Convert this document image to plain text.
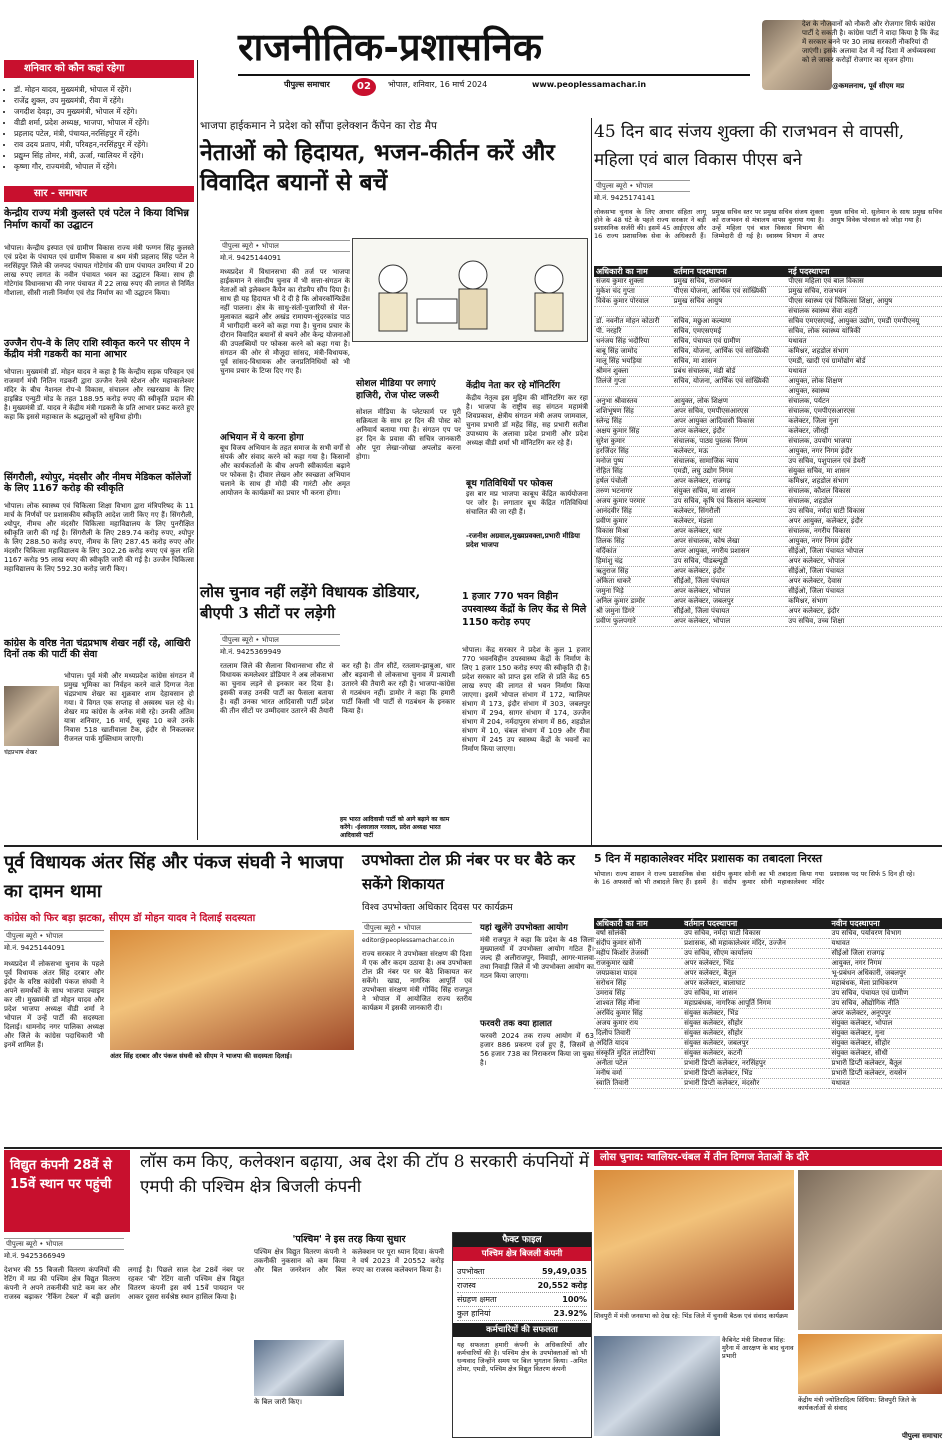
राजनीतिक-प्रशासनिक
पीपुल्स समाचार	02	भोपाल, शनिवार, 16 मार्च 2024	www.peoplessamachar.in
देश के नौजवानों को नौकरी और रोजगार सिर्फ कांग्रेस पार्टी दे सकती है। कांग्रेस पार्टी ने वादा किया है कि केंद्र में सरकार बनने पर 30 लाख सरकारी नौकरियां दी जाएंगी। इसके अलावा देश में नई दिशा में अर्थव्यवस्था को ले जाकर करोड़ों रोजगार का सृजन होगा।
@कमलनाथ, पूर्व सीएम मप्र
शनिवार को कौन कहां रहेगा
• डॉ. मोहन यादव, मुख्यमंत्री, भोपाल में रहेंगे।
• राजेंद्र शुक्ल, उप मुख्यमंत्री, रीवा में रहेंगे।
• जगदीश देवड़ा, उप मुख्यमंत्री, भोपाल में रहेंगे।
• वीडी शर्मा, प्रदेश अध्यक्ष, भाजपा, भोपाल में रहेंगे।
• प्रहलाद पटेल, मंत्री, पंचायत,नरसिंहपुर में रहेंगे।
• राव उदय प्रताप, मंत्री, परिवहन,नरसिंहपुर में रहेंगे।
• प्रद्युम्न सिंह तोमर, मंत्री, ऊर्जा, ग्वालियर में रहेंगे।
• कृष्णा गौर, राज्यमंत्री, भोपाल में रहेंगे।
सार - समाचार
केन्द्रीय राज्य मंत्री कुलस्ते एवं पटेल ने किया विभिन्न निर्माण कार्यों का उद्घाटन
भोपाल। केन्द्रीय इस्पात एवं ग्रामीण विकास राज्य मंत्री फग्गन सिंह कुलस्ते एवं प्रदेश के पंचायत एवं ग्रामीण विकास व श्रम मंत्री प्रहलाद सिंह पटेल ने नरसिंहपुर जिले की जनपद पंचायत गोटेगांव की ग्राम पंचायत उमरिया में 20 लाख रुपए लागत के नवीन पंचायत भवन का उद्घाटन किया। साथ ही गोटेगांव विधानसभा की नगर पंचायत में 22 लाख रुपए की लागत से निर्मित गौशाला, सीसी नाली निर्माण एवं रोड निर्माण का भी उद्घाटन किया।
उज्जैन रोप-वे के लिए राशि स्वीकृत करने पर सीएम ने केंद्रीय मंत्री गडकरी का माना आभार
भोपाल। मुख्यमंत्री डॉ. मोहन यादव ने कहा है कि केन्द्रीय सड़क परिवहन एवं राजमार्ग मंत्री नितिन गडकरी द्वारा उज्जैन रेलवे स्टेशन और महाकालेश्वर मंदिर के बीच नैशनल रोप-वे विकास, संचालन और रखरखाव के लिए हाइब्रिड एन्युटी मोड के तहत 188.95 करोड़ रुपए की स्वीकृति प्रदान की है। मुख्यमंत्री डॉ. यादव ने केंद्रीय मंत्री गडकरी के प्रति आभार प्रकट करते हुए कहा कि इससे महाकाल के श्रद्धालुओं को सुविधा होगी।
सिंगरौली, श्योपुर, मंदसौर और नीमच मेडिकल कॉलेजों के लिए 1167 करोड़ की स्वीकृति
भोपाल। लोक स्वास्थ्य एवं चिकित्सा शिक्षा विभाग द्वारा मंत्रिपरिषद के 11 मार्च के निर्णयों पर प्रशासकीय स्वीकृति आदेश जारी किए गए हैं। सिंगरौली, श्योपुर, नीमच और मंदसौर चिकित्सा महाविद्यालय के लिए पुनरीक्षित स्वीकृति जारी की गई है। सिंगरौली के लिए 289.74 करोड़ रुपए, श्योपुर के लिए 288.50 करोड़ रुपए, नीमच के लिए 287.45 करोड़ रुपए और मंदसौर चिकित्सा महाविद्यालय के लिए 302.26 करोड़ रुपए एवं कुल राशि 1167 करोड़ 95 लाख रुपए की स्वीकृति जारी की गई है। उज्जैन चिकित्सा महाविद्यालय के लिए 592.30 करोड़ जारी किए।
कांग्रेस के वरिष्ठ नेता चंद्रप्रभाष शेखर नहीं रहे, आखिरी दिनों तक की पार्टी की सेवा
चंद्रप्रभाष शेखर
भोपाल। पूर्व मंत्री और मध्यप्रदेश कांग्रेस संगठन में प्रमुख भूमिका का निर्वहन करने वाले दिग्गज नेता चंद्रप्रभाष शेखर का शुक्रवार शाम देहावसान हो गया। वे विगत एक सप्ताह से अस्वस्थ चल रहे थे। शेखर मप्र कांग्रेस के अनेक मंत्री रहे। उनकी अंतिम यात्रा शनिवार, 16 मार्च, सुबह 10 बजे उनके निवास 518 खातीवाला टैंक, इंदौर से निकलकर रीजनल पार्क मुक्तिधाम जाएगी।
भाजपा हाईकमान ने प्रदेश को सौंपा इलेक्शन कैंपेन का रोड मैप
नेताओं को हिदायत, भजन-कीर्तन करें और विवादित बयानों से बचें
पीपुल्स ब्यूरो • भोपाल
मो.नं. 9425144091
मध्यप्रदेश में विधानसभा की तर्ज पर भाजपा हाईकमान ने संसदीय चुनाव में भी सत्ता-संगठन के नेताओं को इलेक्शन कैंपेन का रोडमैप सौंप दिया है। साथ ही यह हिदायत भी दे दी है कि ओवरकॉन्फिडेंस नहीं पालना। क्षेत्र के साधु-संतों-पुजारियों से मेल-मुलाकात बढ़ाने और अखंड रामायण-सुंदरकांड पाठ में भागीदारी करने को कहा गया है। चुनाव प्रचार के दौरान विवादित बयानों से बचने और केन्द्र योजनाओं की उपलब्धियों पर फोकस करने को कहा गया है। संगठन की ओर से मौजूदा सांसद, मंत्री-विधायक, पूर्व सांसद-विधायक और जनप्रतिनिधियों को भी चुनाव प्रचार के टिप्स दिए गए हैं।
अभियान में ये करना होगा
बूथ विजय अभियान के तहत समाज के सभी वर्गों से संपर्क और संवाद करने को कहा गया है। किसानों और कार्यकर्ताओं के बीच अपनी स्वीकार्यता बढ़ाने पर फोकस है। दीवार लेखन और स्वच्छता अभियान चलाने के साथ ही मोदी की गारंटी और अमृत आयोजन के कार्यक्रमों का प्रचार भी करना होगा।
सोशल मीडिया पर लगाएं हाजिरी, रोज पोस्ट जरूरी
सोशल मीडिया के प्लेटफार्म पर पूरी सक्रियता के साथ हर दिन की पोस्ट को अनिवार्य बताया गया है। संगठन एप पर हर दिन के प्रवास की सचित्र जानकारी और पूरा लेखा-जोखा अपलोड करना होगा।
केंद्रीय नेता कर रहे मॉनिटरिंग
केंद्रीय नेतृत्व इस मुहिम की मॉनिटरिंग कर रहा है। भाजपा के राष्ट्रीय सह संगठन महामंत्री शिवप्रकाश, क्षेत्रीय संगठन मंत्री अजय जामवाल, चुनाव प्रभारी डॉ महेंद्र सिंह, सह प्रभारी सतीश उपाध्याय के अलावा प्रदेश प्रभारी और प्रदेश अध्यक्ष वीडी शर्मा भी मॉनिटरिंग कर रहे हैं।
बूथ गतिविधियों पर फोकस
इस बार मप्र भाजपा काबूथ केंद्रित कार्ययोजना पर जोर है। लगातार बूथ केंद्रित गतिविधियां संचालित की जा रही हैं।
-रजनीश अग्रवाल,मुख्यप्रवक्ता,प्रभारी मीडिया प्रदेश भाजपा
लोस चुनाव नहीं लड़ेंगे विधायक डोडियार, बीएपी 3 सीटों पर लड़ेगी
पीपुल्स ब्यूरो • भोपाल
मो.नं. 9425369949
रतलाम जिले की सैलाना विधानसभा सीट से विधायक कमलेश्वर डोडियार ने अब लोकसभा का चुनाव लड़ने से इनकार कर दिया है। इसकी वजह उनकी पार्टी का फैसला बताया है। वहीं उनका भारत आदिवासी पार्टी प्रदेश की तीन सीटों पर उम्मीदवार उतारने की तैयारी कर रही है। तीन सीटें, रतलाम-झाबुआ, धार और बड़वानी से लोकसभा चुनाव में प्रत्याशी उतारने की तैयारी कर रही है। भाजपा-कांग्रेस से गठबंधन नहीं। डामोर ने कहा कि हमारी पार्टी किसी भी पार्टी से गठबंधन के इनकार किया है।
हम भारत आदिवासी पार्टी को आगे बढ़ाने का काम करेंगे। -ईश्वरलाल गरवाल, प्रदेश अध्यक्ष भारत आदिवासी पार्टी
1 हजार 770 भवन विहीन उपस्वास्थ्य केंद्रों के लिए केंद्र से मिले 1150 करोड़ रुपए
भोपाल। केंद्र सरकार ने प्रदेश के कुल 1 हजार 770 भवनविहीन उपस्वास्थ्य केंद्रों के निर्माण के लिए 1 हजार 150 करोड़ रुपए की स्वीकृति दी है। प्रदेश सरकार को प्राप्त इस राशि से प्रति केंद्र 65 लाख रुपए की लागत से भवन निर्माण किया जाएगा। इसमें भोपाल संभाग में 172, ग्वालियर संभाग में 173, इंदौर संभाग में 303, जबलपुर संभाग में 294, सागर संभाग में 174, उज्जैन संभाग में 204, नर्मदापुरम संभाग में 86, शहडोल संभाग में 10, चंबल संभाग में 109 और रीवा संभाग में 245 उप स्वास्थ्य केंद्रों के भवनों का निर्माण किया जाएगा।
45 दिन बाद संजय शुक्ला की राजभवन से वापसी, महिला एवं बाल विकास पीएस बने
पीपुल्स ब्यूरो • भोपाल
मो.नं. 9425174141
लोकसभा चुनाव के लिए आचार संहिता लागू होने के 48 घंटे के पहले राज्य सरकार ने बड़ी प्रशासनिक सर्जरी की। इसमें 45 आईएएस और 16 राज्य प्रशासनिक सेवा के अधिकारी हैं। प्रमुख सचिव स्तर पर प्रमुख सचिव संजय शुक्ला को राजभवन से मंत्रालय वापस बुलाया गया है। उन्हें महिला एवं बाल विकास विभाग की जिम्मेदारी दी गई है। स्वास्थ्य विभाग में अपर मुख्य सचिव मो. सुलेमान के साथ प्रमुख सचिव आयुष विवेक पोरवाल को जोड़ा गया है।
अधिकारी का नाम	वर्तमान पदस्थापना	नई पदस्थापना
संजय कुमार शुक्ला	प्रमुख सचिव, राजभवन	पीएस महिला एवं बाल विकास
मुकेश चंद गुप्ता	पीएस योजना, आर्थिक एवं सांख्यिकी	प्रमुख सचिव, राजभवन
विवेक कुमार पोरवाल	प्रमुख सचिव आयुष	पीएस स्वास्थ्य एवं चिकित्सा शिक्षा, आयुष
		संचालक स्वास्थ्य सेवा शहरी
डॉ. नवनीत मोहन कोठारी	सचिव, मछुआ कल्याण	सचिव एमएसएमई, आयुक्त उद्योग, एमडी एमपीएनयू
पी. नरहरि	सचिव, एमएसएमई	सचिव, लोक स्वास्थ्य यांत्रिकी
धनंजय सिंह भदौरिया	सचिव, पंचायत एवं ग्रामीण	यथावत
बाबू सिंह जामोद	सचिव, योजना, आर्थिक एवं सांख्यिकी	कमिश्नर, शहडोल संभाग
मालू सिंह भयड़िया	सचिव, मा शासन	एमडी, खादी एवं ग्रामोद्योग बोर्ड
श्रीमन शुक्ला	प्रबंध संचालक, मंडी बोर्ड	यथावत
तिलंजे गुप्ता	सचिव, योजना, आर्थिक एवं सांख्यिकी	आयुक्त, लोक शिक्षण
		आयुक्त, स्वास्थ्य
अनुभा श्रीवास्तव	आयुक्त, लोक शिक्षण	संचालक, पर्यटन
शशिभूषण सिंह	अपर सचिव, एमपीएसआरएस	संचालक, एमपीएसआरएस
स्लेन्द्र सिंह	अपर आयुक्त आदिवासी विकास	कलेक्टर, जिला गुना
अक्षय कुमार सिंह	अपर कलेक्टर, इंदौर	कलेक्टर, जीरही
सुरेश कुमार	संचालक, पाठ्य पुस्तक निगम	संचालक, उपयोग भाजपा
हरजिंदर सिंह	कलेक्टर, मऊ	आयुक्त, नगर निगम इंदौर
मनोज पुष्प	संचालक, सामाजिक न्याय	उप सचिव, पशुपालन एवं डेयरी
रोहित सिंह	एमडी, लघु उद्योग निगम	संयुक्त सचिव, मा शासन
हर्षल पंचोली	अपर कलेक्टर, राजगढ़	कमिश्नर, शहडोल संभाग
तरुण भटनागर	संयुक्त सचिव, मा शासन	संचालक, कौशल विकास
अजय कुमार परमार	उप सचिव, कृषि एवं किसान कल्याण	संचालक, शहडोल
आनंदवीर सिंह	कलेक्टर, सिंगरौली	उप सचिव, नर्मदा घाटी विकास
प्रवीण कुमार	कलेक्टर, मंडला	अपर आयुक्त, कलेक्टर, इंदौर
विकास मिश्रा	अपर कलेक्टर, धार	संचालक, नगरीय विकास
तिलक सिंह	अपर संचालक, कोष लेखा	आयुक्त, नगर निगम इंदौर
वर्दिकांत	अपर आयुक्त, नगरीय प्रशासन	सीईओ, जिला पंचायत भोपाल
हिमांशु चंद्र	उप सचिव, पीडब्ल्यूडी	अपर कलेक्टर, भोपाल
ऋतुराज सिंह	अपर कलेक्टर, इंदौर	सीईओ, जिला पंचायत
अंकिता धाकरे	सीईओ, जिला पंचायत	अपर कलेक्टर, देवास
जमुना भिड़े	अपर कलेक्टर, भोपाल	सीईओ, जिला पंचायत
अनिल कुमार डामोर	अपर कलेक्टर, जबलपुर	कमिश्नर, संभाग
श्री जमुना डिंगरे	सीईओ, जिला पंचायत	अपर कलेक्टर, इंदौर
प्रवीण फुलपगारे	अपर कलेक्टर, भोपाल	उप सचिव, उच्च शिक्षा
पूर्व विधायक अंतर सिंह और पंकज संघवी ने भाजपा का दामन थामा
कांग्रेस को फिर बड़ा झटका, सीएम डॉ मोहन यादव ने दिलाई सदस्यता
पीपुल्स ब्यूरो • भोपाल
मो.नं. 9425144091
मध्यप्रदेश में लोकसभा चुनाव के पहले पूर्व विधायक अंतर सिंह दरबार और इंदौर के वरिष्ठ कांग्रेसी पंकज संघवी ने अपने समर्थकों के साथ भाजपा ज्वाइन कर ली। मुख्यमंत्री डॉ मोहन यादव और प्रदेश भाजपा अध्यक्ष वीडी शर्मा ने भोपाल में उन्हें पार्टी की सदस्यता दिलाई। धामनोद नगर पालिका अध्यक्ष और जिले के कांग्रेस पदाधिकारी भी इनमें शामिल हैं।
अंतर सिंह दरबार और पंकज संघवी को सीएम ने भाजपा की सदस्यता दिलाई।
उपभोक्ता टोल फ्री नंबर पर घर बैठे कर सकेंगे शिकायत
विश्व उपभोक्ता अधिकार दिवस पर कार्यक्रम
पीपुल्स ब्यूरो • भोपाल
editor@peoplessamachar.co.in
राज्य सरकार ने उपभोक्ता संरक्षण की दिशा में एक और कदम उठाया है। अब उपभोक्ता टोल फ्री नंबर पर घर बैठे शिकायत कर सकेंगे। खाद्य, नागरिक आपूर्ति एवं उपभोक्ता संरक्षण मंत्री गोविंद सिंह राजपूत ने भोपाल में आयोजित राज्य स्तरीय कार्यक्रम में इसकी जानकारी दी।
यहां खुलेंगे उपभोक्ता आयोग
मंत्री राजपूत ने कहा कि प्रदेश के 48 जिला मुख्यालयों में उपभोक्ता आयोग गठित हैं। जल्द ही अलीराजपुर, निवाड़ी, आगर-मालवा तथा निवाड़ी जिले में भी उपभोक्ता आयोग का गठन किया जाएगा।
फरवरी तक क्या हालात
फरवरी 2024 तक राज्य आयोग में 63 हजार 886 प्रकरण दर्ज हुए हैं, जिसमें से 56 हजार 738 का निराकरण किया जा चुका है।
5 दिन में महाकालेश्वर मंदिर प्रशासक का तबादला निरस्त
भोपाल। राज्य शासन ने राज्य प्रशासनिक सेवा के 16 अफसरों को भी तबादले किए हैं। इसमें संदीप कुमार सोनी का भी तबादला किया गया है। संदीप कुमार सोनी महाकालेश्वर मंदिर प्रशासक पद पर सिर्फ 5 दिन ही रहे।
अधिकारी का नाम	वर्तमान पदस्थापना	नवीन पदस्थापना
वर्षा सोलंकी	उप सचिव, नर्मदा घाटी विकास	उप सचिव, पर्यावरण विभाग
संदीप कुमार सोनी	प्रशासक, श्री महाकालेश्वर मंदिर, उज्जैन	यथावत
महीप किशोर तेजस्वी	उप सचिव, सीएम कार्यालय	सीईओ जिला राजगढ़
राजकुमार खत्री	अपर कलेक्टर, भिंड	आयुक्त, नगर निगम
जयप्रकाश यादव	अपर कलेक्टर, बैतूल	भू-प्रबंधन अधिकारी, जबलपुर
सरोधन सिंह	अपर कलेक्टर, बालाघाट	महाबंधक, मेला प्राधिकरण
उमराव सिंह	उप सचिव, मा शासन	उप सचिव, पंचायत एवं ग्रामीण
शाश्वत सिंह मीना	महाप्रबंधक, नागरिक आपूर्ति निगम	उप सचिव, औद्योगिक नीति
अरविंद कुमार सिंह	संयुक्त कलेक्टर, भिंड	अपर कलेक्टर, अनूपपुर
अजय कुमार राय	संयुक्त कलेक्टर, सीहोर	संयुक्त कलेक्टर, भोपाल
दिलीप तिवारी	संयुक्त कलेक्टर, सीहोर	संयुक्त कलेक्टर, गुना
अदिति यादव	संयुक्त कलेक्टर, जबलपुर	संयुक्त कलेक्टर, सीहोर
संस्कृति मुदित लाटोरिया	संयुक्त कलेक्टर, कटनी	संयुक्त कलेक्टर, सीधी
अनीता पटेल	प्रभारी डिप्टी कलेक्टर, नरसिंहपुर	प्रभारी डिप्टी कलेक्टर, बैतूल
मनीष वर्मा	प्रभारी डिप्टी कलेक्टर, भिंड	प्रभारी डिप्टी कलेक्टर, रायसेन
स्वाति तिवारी	प्रभारी डिप्टी कलेक्टर, मंदसौर	यथावत
विद्युत कंपनी 28वें से 15वें स्थान पर पहुंची
लॉस कम किए, कलेक्शन बढ़ाया, अब देश की टॉप 8 सरकारी कंपनियों में एमपी की पश्चिम क्षेत्र बिजली कंपनी
पीपुल्स ब्यूरो • भोपाल
मो.नं. 9425366949
देशभर की 55 बिजली वितरण कंपनियों की रेटिंग में मप्र की पश्चिम क्षेत्र विद्युत वितरण कंपनी ने अपने तकनीकी घाटे कम कर और राजस्व बढ़ाकर 'रैंकिंग टेबल' में बड़ी छलांग लगाई है। पिछले साल देश 28वें नंबर पर रहकर 'बी' रेटिंग वाली पश्चिम क्षेत्र विद्युत वितरण कंपनी इस वर्ष 15वें पायदान पर आकर दूसरा सर्वश्रेष्ठ स्थान हासिल किया है।
'पश्चिम' ने इस तरह किया सुधार
पश्चिम क्षेत्र विद्युत वितरण कंपनी ने तकनीकी नुकसान को कम किया और बिल जनरेशन और बिल कलेक्शन पर पूरा ध्यान दिया। कंपनी ने वर्ष 2023 में 20552 करोड़ रुपए का राजस्व कलेक्शन किया है।
के बिल जारी किए।
फैक्ट फाइल
पश्चिम क्षेत्र बिजली कंपनी
उपभोक्ता	59,49,035
राजस्व	20,552 करोड़
संग्रहण क्षमता	100%
कुल हानियां	23.92%
कर्मचारियों की सफलता
यह सफलता हमारी कंपनी के अधिकारियों और कर्मचारियों की है। पश्चिम क्षेत्र के उपभोक्ताओं को भी धन्यवाद जिन्होंने समय पर बिल भुगतान किया। -अमित तोमर, एमडी, पश्चिम क्षेत्र विद्युत वितरण कंपनी
लोस चुनाव: ग्वालियर-चंबल में तीन दिग्गज नेताओं के दौरे
शिवपुरी में मंत्री जनसभा को देख रहे: भिंड जिले में चुनावी बैठक एवं संवाद कार्यक्रम
कैबिनेट मंत्री शिवराज सिंह: मुरैना में आरक्षण के बाद चुनाव प्रभारी
केंद्रीय मंत्री ज्योतिरादित्य सिंधिया: शिवपुरी जिले के कार्यकर्ताओं से संवाद
पीपुल्स समाचार
